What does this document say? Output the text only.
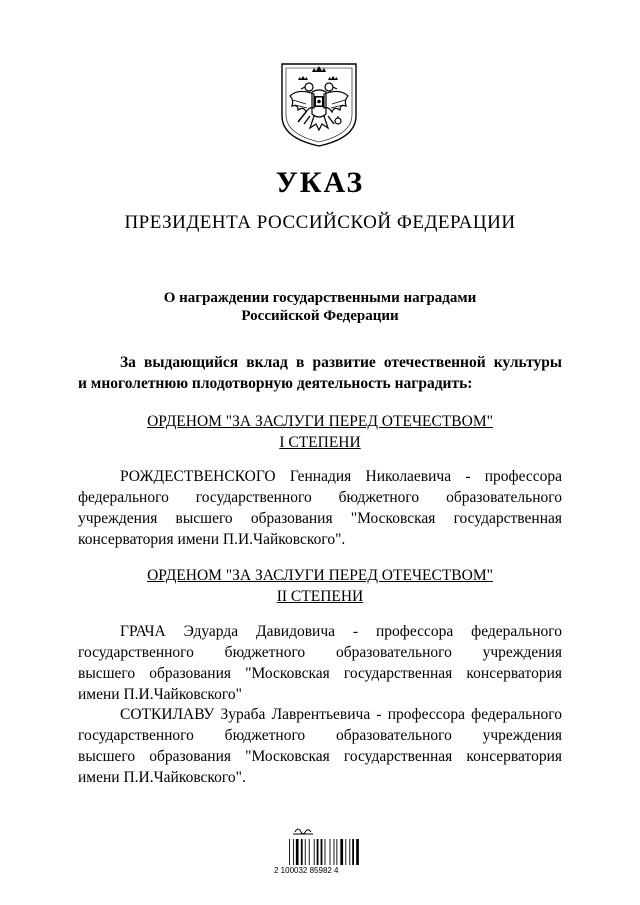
УКАЗ
ПРЕЗИДЕНТА РОССИЙСКОЙ ФЕДЕРАЦИИ
О награждении государственными наградами
Российской Федерации
За выдающийся вклад в развитие отечественной культуры
и многолетнюю плодотворную деятельность наградить:
ОРДЕНОМ "ЗА ЗАСЛУГИ ПЕРЕД ОТЕЧЕСТВОМ"
I СТЕПЕНИ
РОЖДЕСТВЕНСКОГО Геннадия Николаевича - профессора
федерального государственного бюджетного образовательного
учреждения высшего образования "Московская государственная
консерватория имени П.И.Чайковского".
ОРДЕНОМ "ЗА ЗАСЛУГИ ПЕРЕД ОТЕЧЕСТВОМ"
II СТЕПЕНИ
ГРАЧА Эдуарда Давидовича - профессора федерального
государственного бюджетного образовательного учреждения
высшего образования "Московская государственная консерватория
имени П.И.Чайковского"
СОТКИЛАВУ Зураба Лаврентьевича - профессора федерального
государственного бюджетного образовательного учреждения
высшего образования "Московская государственная консерватория
имени П.И.Чайковского".
2 100032 85982 4
